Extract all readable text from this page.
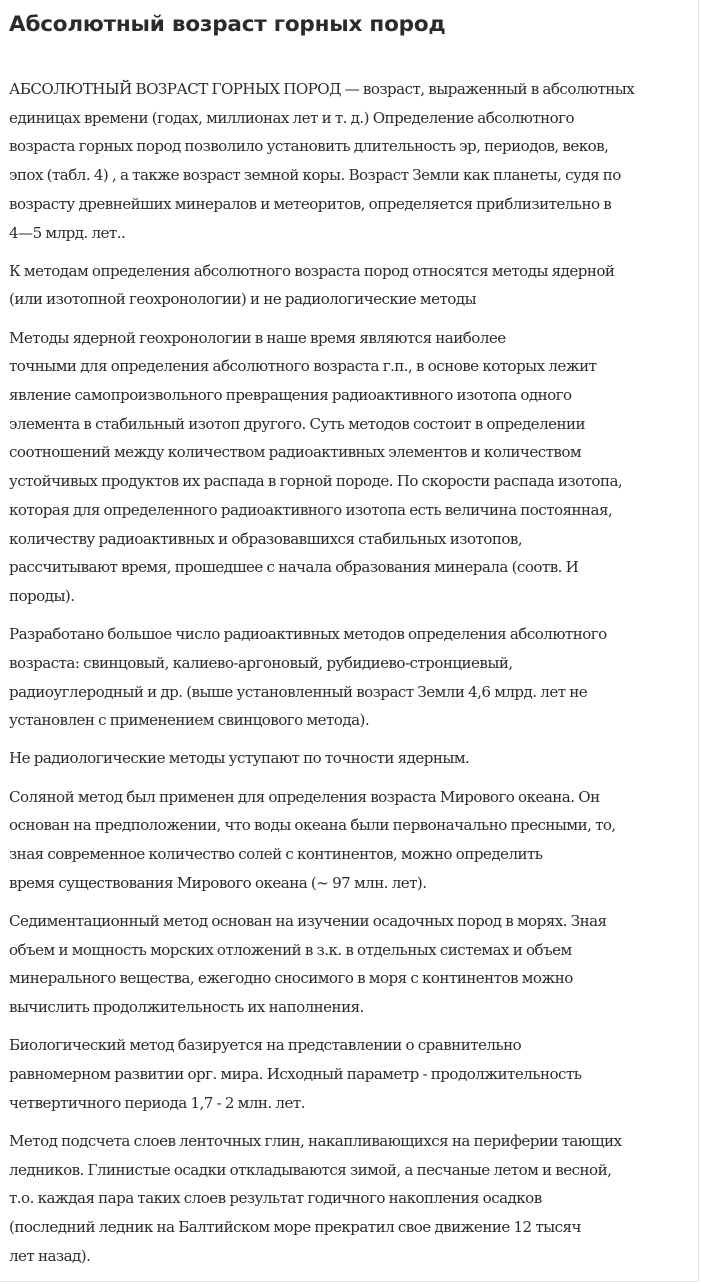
Абсолютный возраст горных пород

АБСОЛЮТНЫЙ ВОЗРАСТ ГОРНЫХ ПОРОД — возраст, выраженный в абсолютных
единицах времени (годах, миллионах лет и т. д.) Определение абсолютного
возраста горных пород позволило установить длительность эр, периодов, веков,
эпох (табл. 4) , а также возраст земной коры. Возраст Земли как планеты, судя по
возрасту древнейших минералов и метеоритов, определяется приблизительно в
4—5 млрд. лет..

К методам определения абсолютного возраста пород относятся методы ядерной
(или изотопной геохронологии) и не радиологические методы

Методы ядерной геохронологии в наше время являются наиболее
точными для определения абсолютного возраста г.п., в основе которых лежит
явление самопроизвольного превращения радиоактивного изотопа одного
элемента в стабильный изотоп другого. Суть методов состоит в определении
соотношений между количеством радиоактивных элементов и количеством
устойчивых продуктов их распада в горной породе. По скорости распада изотопа,
которая для определенного радиоактивного изотопа есть величина постоянная,
количеству радиоактивных и образовавшихся стабильных изотопов,
рассчитывают время, прошедшее с начала образования минерала (соотв. И
породы).

Разработано большое число радиоактивных методов определения абсолютного
возраста: свинцовый, калиево-аргоновый, рубидиево-стронциевый,
радиоуглеродный и др. (выше установленный возраст Земли 4,6 млрд. лет не
установлен с применением свинцового метода).

Не радиологические методы уступают по точности ядерным.

Соляной метод был применен для определения возраста Мирового океана. Он
основан на предположении, что воды океана были первоначально пресными, то,
зная современное количество солей с континентов, можно определить
время существования Мирового океана (~ 97 млн. лет).

Седиментационный метод основан на изучении осадочных пород в морях. Зная
объем и мощность морских отложений в з.к. в отдельных системах и объем
минерального вещества, ежегодно сносимого в моря с континентов можно
вычислить продолжительность их наполнения.

Биологический метод базируется на представлении о сравнительно
равномерном развитии орг. мира. Исходный параметр - продолжительность
четвертичного периода 1,7 - 2 млн. лет.

Метод подсчета слоев ленточных глин, накапливающихся на периферии тающих
ледников. Глинистые осадки откладываются зимой, а песчаные летом и весной,
т.о. каждая пара таких слоев результат годичного накопления осадков
(последний ледник на Балтийском море прекратил свое движение 12 тысяч
лет назад).
